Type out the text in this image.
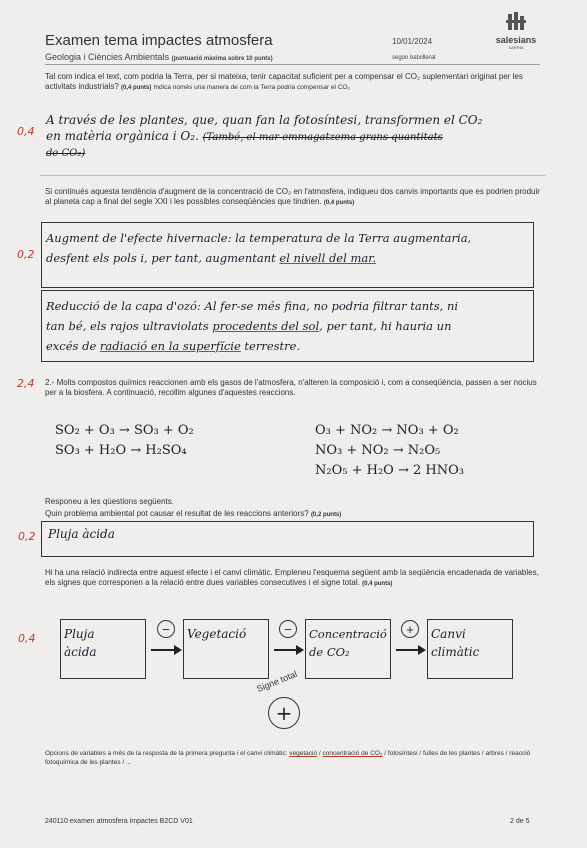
Examen tema impactes atmosfera	10/01/2024	salesians
SARRIÀ
Geologia i Ciències Ambientals (puntuació màxima sobre 10 punts)	segon batxillerat
Tal com indica el text, com podria la Terra, per si mateixa, tenir capacitat suficient per a compensar el CO₂ suplementari originat per les activitats industrials? (0,4 punts) Indica només una manera de com la Terra podria compensar el CO₂
0,4
A través de les plantes, que, quan fan la fotosíntesi, transformen el CO₂
en matèria orgànica i O₂. (També, el mar emmagatzema grans quantitats
de CO₂)
Si continués aquesta tendència d'augment de la concentració de CO₂ en l'atmosfera, indiqueu dos canvis importants que es podrien produir al planeta cap a final del segle XXI i les possibles conseqüències que tindrien. (0,4 punts)
0,2
Augment de l'efecte hivernacle: la temperatura de la Terra augmentaria,
desfent els pols i, per tant, augmentant el nivell del mar.
Reducció de la capa d'ozó: Al fer-se més fina, no podria filtrar tants, ni
tan bé, els rajos ultraviolats procedents del sol, per tant, hi hauria un
excés de radiació en la superfície terrestre.
2,4 2.- Molts compostos químics reaccionen amb els gasos de l'atmosfera, n'alteren la composició i, com a conseqüència, passen a ser nocius per a la biosfera. A continuació, recollim algunes d'aquestes reaccions.
SO₂ + O₃ → SO₃ + O₂
SO₃ + H₂O → H₂SO₄
O₃ + NO₂ → NO₃ + O₂
NO₃ + NO₂ → N₂O₅
N₂O₅ + H₂O → 2 HNO₃
Responeu a les qüestions següents.
Quin problema ambiental pot causar el resultat de les reaccions anteriors? (0,2 punts)
0,2 Pluja àcida
Hi ha una relació indirecta entre aquest efecte i el canvi climàtic. Empleneu l'esquema següent amb la seqüència encadenada de variables, els signes que corresponen a la relació entre dues variables consecutives i el signe total. (0,4 punts)
0,4 Pluja àcida
Vegetació	Concentració de CO₂
Canvi climàtic
−	−	+
Signe total
+
Opcions de variables a més de la resposta de la primera pregunta i el canvi climàtic: vegetació / concentració de CO₂ / fotosíntesi / fulles de les plantes / arbres / reacció fotoquímica de les plantes / ...
240110 examen atmosfera impactes B2CD V01	2 de 5
